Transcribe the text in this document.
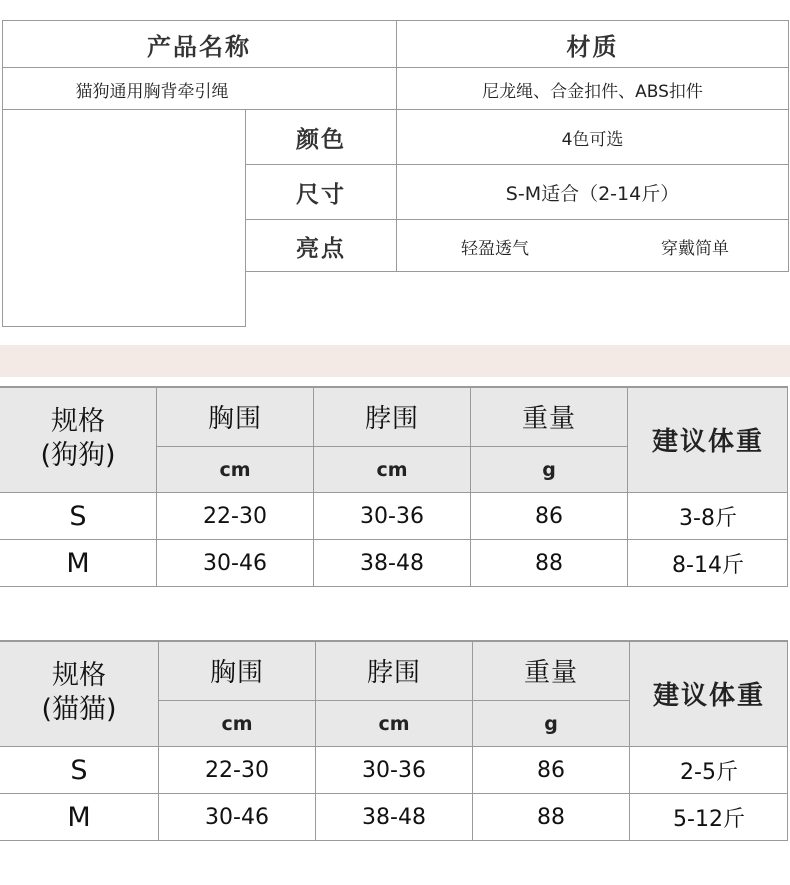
产品名称	材质
猫狗通用胸背牵引绳	尼龙绳、合金扣件、ABS扣件
颜色	4色可选
尺寸	S-M适合（2-14斤）
亮点	轻盈透气	穿戴简单
规格
(狗狗)
胸围	脖围	重量
建议体重
cm	cm	g
S	22-30	30-36	86	3-8斤
M	30-46	38-48	88	8-14斤
规格
(猫猫)
胸围	脖围	重量
建议体重
cm	cm	g
S	22-30	30-36	86	2-5斤
M	30-46	38-48	88	5-12斤
